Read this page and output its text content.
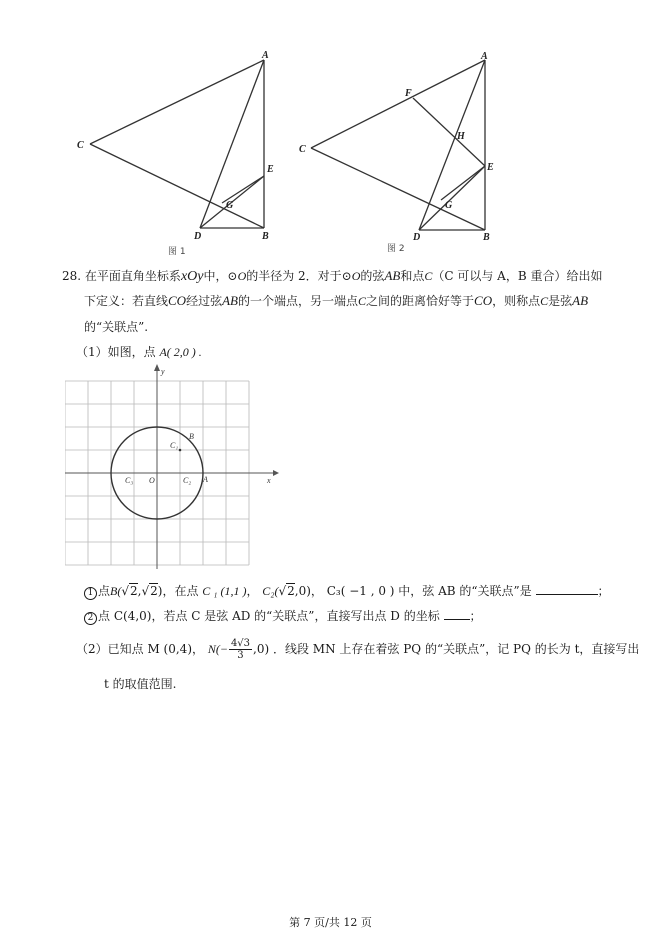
A
C
E
G
D	B
图 1
A
F
H
C
E
G
D	B
图 2
28. 在平面直角坐标系xOy中，⊙O的半径为 2．对于⊙O的弦AB和点C（C 可以与 A，B 重合）给出如
下定义：若直线CO经过弦AB的一个端点，另一端点C之间的距离恰好等于CO，则称点C是弦AB
的“关联点”.
（1）如图，点 A( 2,0 ) .
y
x
O	A
B
C₁
C₂
C₃
1 点B(√2,√2)，在点 C ₁ (1,1 )， C₂(√2,0)， C₃( −1 , 0 ) 中，弦 AB 的“关联点”是	；
2 点 C(4,0)，若点 C 是弦 AD 的“关联点”，直接写出点 D 的坐标 ；
（2）已知点 M (0,4)， $N(- \frac{4√3}{3} ,0)$ ．线段 MN 上存在着弦 PQ 的“关联点”，记 PQ 的长为 t，直接写出
t 的取值范围.
第 7 页/共 12 页
